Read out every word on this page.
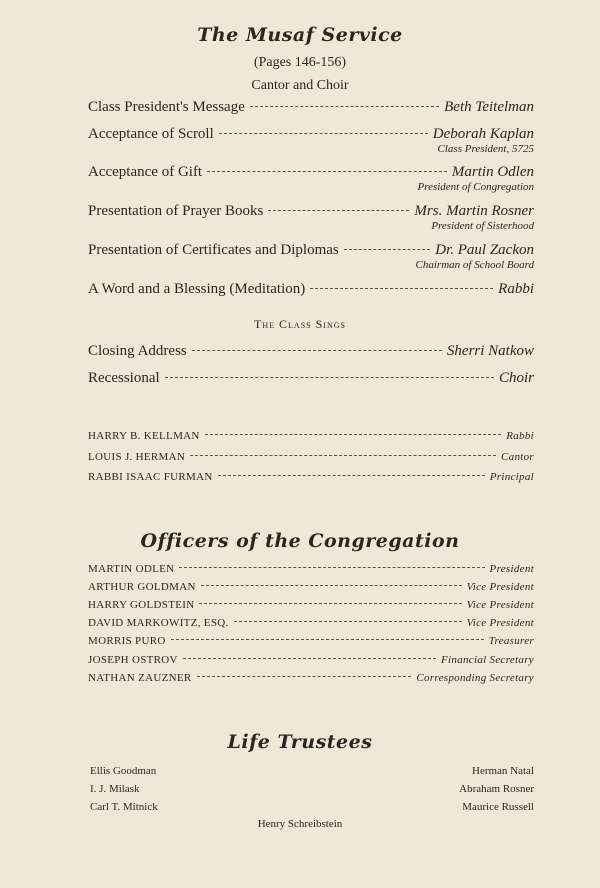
The Musaf Service
(Pages 146-156)
Cantor and Choir
Class President's Message	Beth Teitelman
Acceptance of Scroll	Deborah Kaplan
Class President, 5725
Acceptance of Gift	Martin Odlen
President of Congregation
Presentation of Prayer Books	Mrs. Martin Rosner
President of Sisterhood
Presentation of Certificates and Diplomas	Dr. Paul Zackon
Chairman of School Board
A Word and a Blessing (Meditation)	Rabbi
The Class Sings
Closing Address	Sherri Natkow
Recessional	Choir
HARRY B. KELLMAN	Rabbi
LOUIS J. HERMAN	Cantor
RABBI ISAAC FURMAN	Principal
Officers of the Congregation
MARTIN ODLEN	President
ARTHUR GOLDMAN	Vice President
HARRY GOLDSTEIN	Vice President
DAVID MARKOWITZ, ESQ.	Vice President
MORRIS PURO	Treasurer
JOSEPH OSTROV	Financial Secretary
NATHAN ZAUZNER	Corresponding Secretary
Life Trustees
Ellis Goodman
I. J. Milask
Carl T. Mitnick
Herman Natal
Abraham Rosner
Maurice Russell
Henry Schreibstein
